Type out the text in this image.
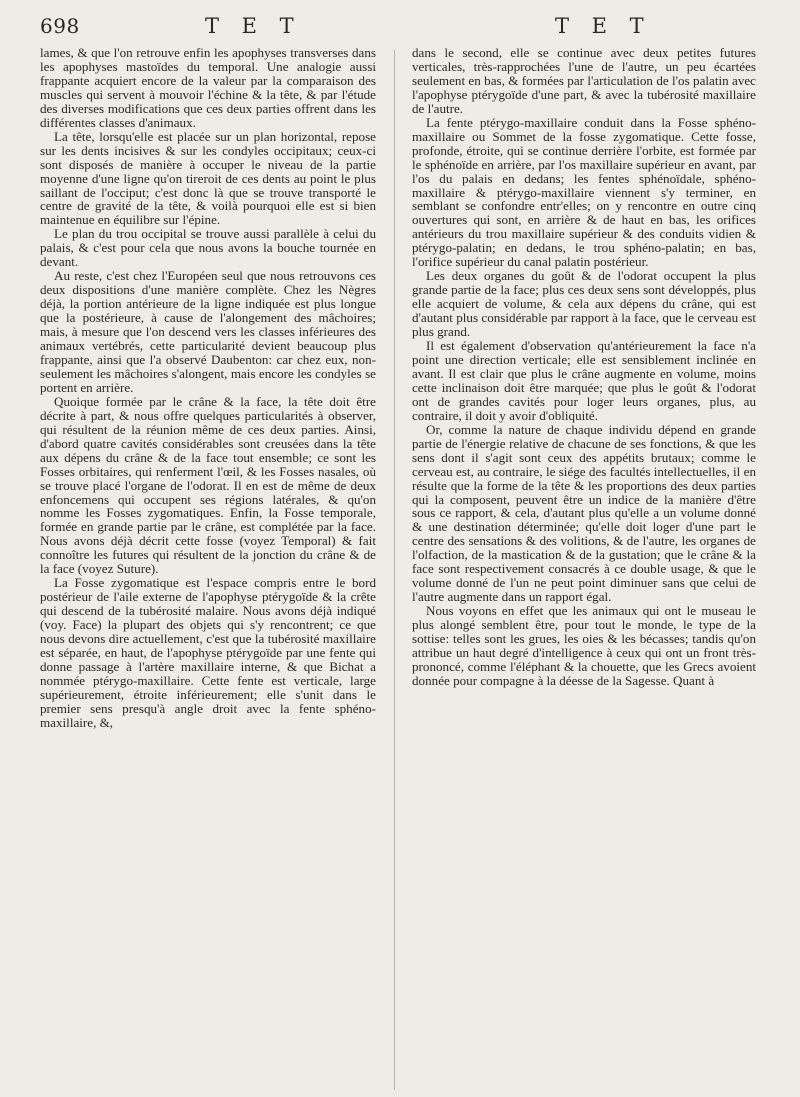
698	T E T	T E T

lames, & que l'on retrouve enfin les apophyses transverses dans les apophyses mastoïdes du temporal. Une analogie aussi frappante acquiert encore de la valeur par la comparaison des muscles qui servent à mouvoir l'échine & la tête, & par l'étude des diverses modifications que ces deux parties offrent dans les différentes classes d'animaux.

La tête, lorsqu'elle est placée sur un plan horizontal, repose sur les dents incisives & sur les condyles occipitaux; ceux-ci sont disposés de manière à occuper le niveau de la partie moyenne d'une ligne qu'on tireroit de ces dents au point le plus saillant de l'occiput; c'est donc là que se trouve transporté le centre de gravité de la tête, & voilà pourquoi elle est si bien maintenue en équilibre sur l'épine.

Le plan du trou occipital se trouve aussi parallèle à celui du palais, & c'est pour cela que nous avons la bouche tournée en devant.

Au reste, c'est chez l'Européen seul que nous retrouvons ces deux dispositions d'une manière complète. Chez les Nègres déjà, la portion antérieure de la ligne indiquée est plus longue que la postérieure, à cause de l'alongement des mâchoires; mais, à mesure que l'on descend vers les classes inférieures des animaux vertébrés, cette particularité devient beaucoup plus frappante, ainsi que l'a observé Daubenton: car chez eux, non-seulement les mâchoires s'alongent, mais encore les condyles se portent en arrière.

Quoique formée par le crâne & la face, la tête doit être décrite à part, & nous offre quelques particularités à observer, qui résultent de la réunion même de ces deux parties. Ainsi, d'abord quatre cavités considérables sont creusées dans la tête aux dépens du crâne & de la face tout ensemble; ce sont les Fosses orbitaires, qui renferment l'œil, & les Fosses nasales, où se trouve placé l'organe de l'odorat. Il en est de même de deux enfoncemens qui occupent ses régions latérales, & qu'on nomme les Fosses zygomatiques. Enfin, la Fosse temporale, formée en grande partie par le crâne, est complétée par la face. Nous avons déjà décrit cette fosse (voyez Temporal) & fait connoître les futures qui résultent de la jonction du crâne & de la face (voyez Suture).

La Fosse zygomatique est l'espace compris entre le bord postérieur de l'aile externe de l'apophyse ptérygoïde & la crête qui descend de la tubérosité malaire. Nous avons déjà indiqué (voy. Face) la plupart des objets qui s'y rencontrent; ce que nous devons dire actuellement, c'est que la tubérosité maxillaire est séparée, en haut, de l'apophyse ptérygoïde par une fente qui donne passage à l'artère maxillaire interne, & que Bichat a nommée ptérygo-maxillaire. Cette fente est verticale, large supérieurement, étroite inférieurement; elle s'unit dans le premier sens presqu'à angle droit avec la fente sphéno-maxillaire, &,

dans le second, elle se continue avec deux petites futures verticales, très-rapprochées l'une de l'autre, un peu écartées seulement en bas, & formées par l'articulation de l'os palatin avec l'apophyse ptérygoïde d'une part, & avec la tubérosité maxillaire de l'autre.

La fente ptérygo-maxillaire conduit dans la Fosse sphéno-maxillaire ou Sommet de la fosse zygomatique. Cette fosse, profonde, étroite, qui se continue derrière l'orbite, est formée par le sphénoïde en arrière, par l'os maxillaire supérieur en avant, par l'os du palais en dedans; les fentes sphénoïdale, sphéno-maxillaire & ptérygo-maxillaire viennent s'y terminer, en semblant se confondre entr'elles; on y rencontre en outre cinq ouvertures qui sont, en arrière & de haut en bas, les orifices antérieurs du trou maxillaire supérieur & des conduits vidien & ptérygo-palatin; en dedans, le trou sphéno-palatin; en bas, l'orifice supérieur du canal palatin postérieur.

Les deux organes du goût & de l'odorat occupent la plus grande partie de la face; plus ces deux sens sont développés, plus elle acquiert de volume, & cela aux dépens du crâne, qui est d'autant plus considérable par rapport à la face, que le cerveau est plus grand.

Il est également d'observation qu'antérieurement la face n'a point une direction verticale; elle est sensiblement inclinée en avant. Il est clair que plus le crâne augmente en volume, moins cette inclinaison doit être marquée; que plus le goût & l'odorat ont de grandes cavités pour loger leurs organes, plus, au contraire, il doit y avoir d'obliquité.

Or, comme la nature de chaque individu dépend en grande partie de l'énergie relative de chacune de ses fonctions, & que les sens dont il s'agit sont ceux des appétits brutaux; comme le cerveau est, au contraire, le siége des facultés intellectuelles, il en résulte que la forme de la tête & les proportions des deux parties qui la composent, peuvent être un indice de la manière d'être sous ce rapport, & cela, d'autant plus qu'elle a un volume donné & une destination déterminée; qu'elle doit loger d'une part le centre des sensations & des volitions, & de l'autre, les organes de l'olfaction, de la mastication & de la gustation; que le crâne & la face sont respectivement consacrés à ce double usage, & que le volume donné de l'un ne peut point diminuer sans que celui de l'autre augmente dans un rapport égal.

Nous voyons en effet que les animaux qui ont le museau le plus alongé semblent être, pour tout le monde, le type de la sottise: telles sont les grues, les oies & les bécasses; tandis qu'on attribue un haut degré d'intelligence à ceux qui ont un front très-prononcé, comme l'éléphant & la chouette, que les Grecs avoient donnée pour compagne à la déesse de la Sagesse. Quant à
